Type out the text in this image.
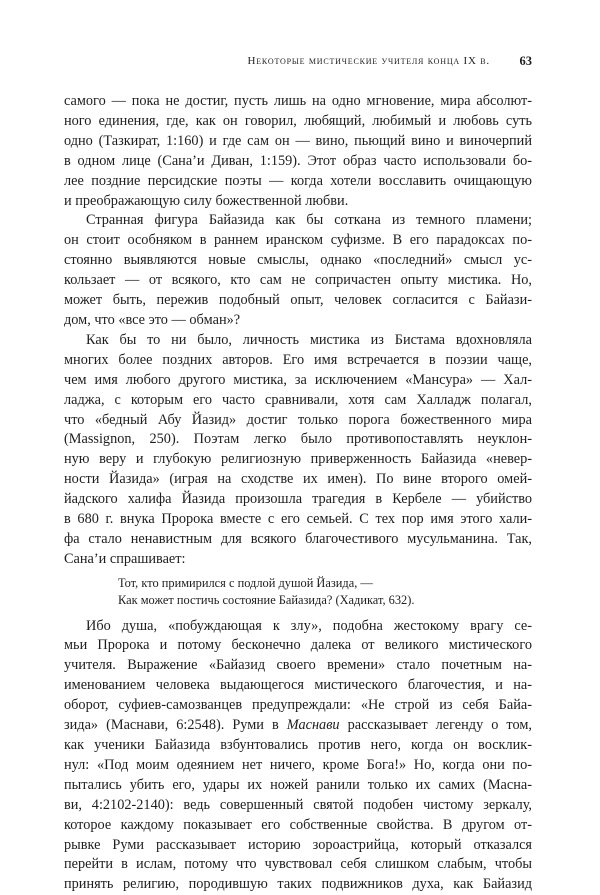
Некоторые мистические учителя конца IX в. 63

самого — пока не достиг, пусть лишь на одно мгновение, мира абсолют-
ного единения, где, как он говорил, любящий, любимый и любовь суть
одно (Тазкират, 1:160) и где сам он — вино, пьющий вино и виночерпий
в одном лице (Сана’и Диван, 1:159). Этот образ часто использовали бо-
лее поздние персидские поэты — когда хотели восславить очищающую
и преображающую силу божественной любви.

Странная фигура Байазида как бы соткана из темного пламени;
он стоит особняком в раннем иранском суфизме. В его парадоксах по-
стоянно выявляются новые смыслы, однако «последний» смысл ус-
кользает — от всякого, кто сам не сопричастен опыту мистика. Но,
может быть, пережив подобный опыт, человек согласится с Байази-
дом, что «все это — обман»?

Как бы то ни было, личность мистика из Бистама вдохновляла
многих более поздних авторов. Его имя встречается в поэзии чаще,
чем имя любого другого мистика, за исключением «Мансура» — Хал-
ладжа, с которым его часто сравнивали, хотя сам Халладж полагал,
что «бедный Абу Йазид» достиг только порога божественного мира
(Massignon, 250). Поэтам легко было противопоставлять неуклон-
ную веру и глубокую религиозную приверженность Байазида «невер-
ности Йазида» (играя на сходстве их имен). По вине второго омей-
йадского халифа Йазида произошла трагедия в Кербеле — убийство
в 680 г. внука Пророка вместе с его семьей. С тех пор имя этого хали-
фа стало ненавистным для всякого благочестивого мусульманина. Так,
Сана’и спрашивает:

Тот, кто примирился с подлой душой Йазида, —
Как может постичь состояние Байазида? (Хадикат, 632).

Ибо душа, «побуждающая к злу», подобна жестокому врагу се-
мьи Пророка и потому бесконечно далека от великого мистического
учителя. Выражение «Байазид своего времени» стало почетным на-
именованием человека выдающегося мистического благочестия, и на-
оборот, суфиев-самозванцев предупреждали: «Не строй из себя Байа-
зида» (Маснави, 6:2548). Руми в Маснави рассказывает легенду о том,
как ученики Байазида взбунтовались против него, когда он восклик-
нул: «Под моим одеянием нет ничего, кроме Бога!» Но, когда они по-
пытались убить его, удары их ножей ранили только их самих (Масна-
ви, 4:2102-2140): ведь совершенный святой подобен чистому зеркалу,
которое каждому показывает его собственные свойства. В другом от-
рывке Руми рассказывает историю зороастрийца, который отказался
перейти в ислам, потому что чувствовал себя слишком слабым, чтобы
принять религию, породившую таких подвижников духа, как Байазид
